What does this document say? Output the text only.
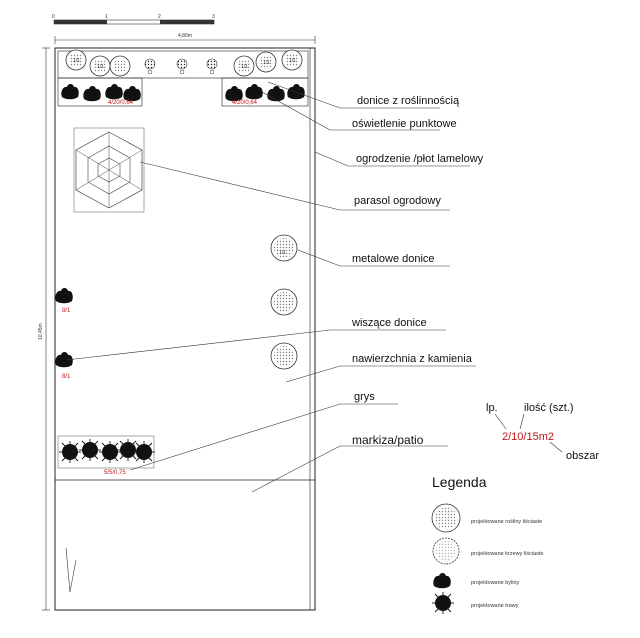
0	1	2	3
4,80m
10,45m
1/1
1/1	1/1
1/1	1/1
4/20/0,64	4/20/0,64
1/1
8/1
8/1
5/5/0,75
donice z roślinnością
oświetlenie punktowe
ogrodzenie /płot lamelowy
parasol ogrodowy
metalowe donice
wiszące donice
nawierzchnia z kamienia
grys
markiza/patio
lp. ilość (szt.)
2/10/15m2
obszar
Legenda
projektowane rośliny liściaste
projektowane krzewy liściaste
projektowane byliny
projektowane trawy
